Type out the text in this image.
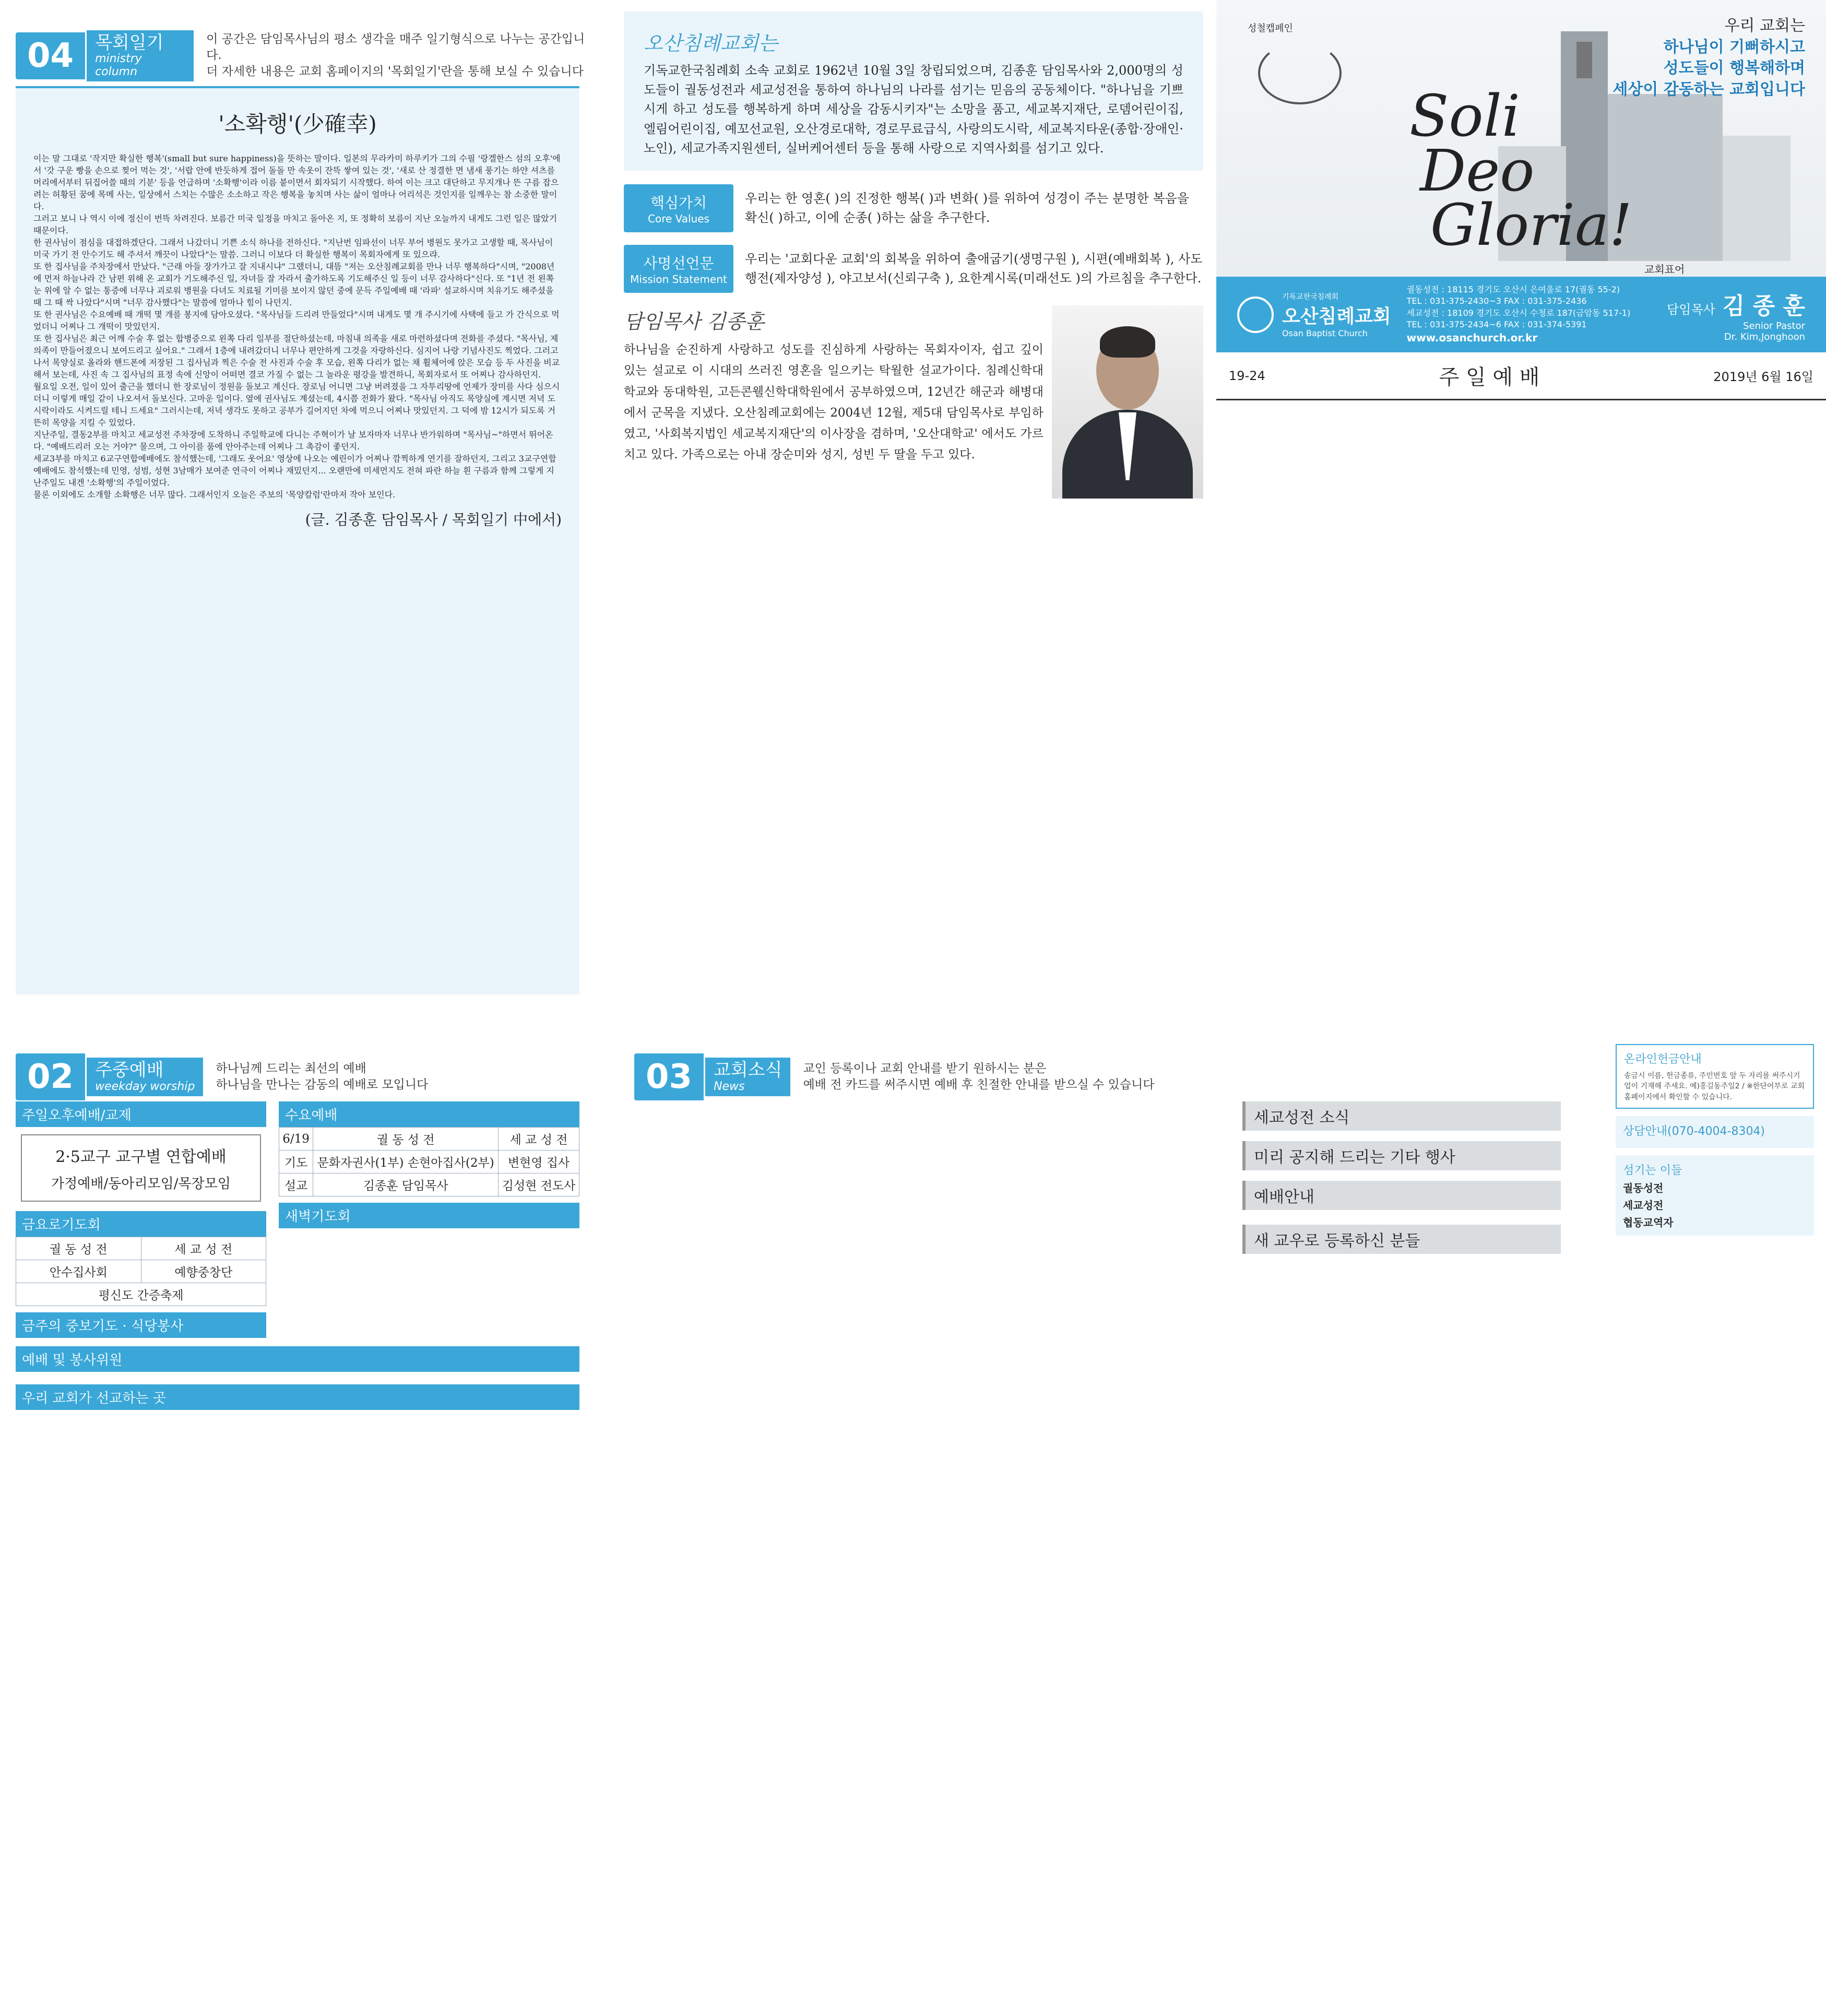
04	목회일기
ministry column
이 공간은 담임목사님의 평소 생각을 매주 일기형식으로 나누는 공간입니다.
더 자세한 내용은 교회 홈페이지의 '목회일기'란을 통해 보실 수 있습니다
'소확행'(少確幸)

이는 말 그대로 '작지만 확실한 행복'(small but sure happiness)을 뜻하는 말이다. 일본의 무라카미 하루키가 그의 수필 '랑겔한스 섬의 오후'에서 '갓 구운 빵을 손으로 찢어 먹는 것', '서랍 안에 반듯하게 접어 돌돌 만 속옷이 잔뜩 쌓여 있는 것', '새로 산 정결한 면 냄새 풍기는 하얀 셔츠를 머리에서부터 뒤집어쓸 때의 기분' 등을 언급하며 '소확행'이라 이름 붙이면서 회자되기 시작했다. 하여 이는 크고 대단하고 무지개나 뜬 구름 잡으려는 허황된 꿈에 목메 사는, 일상에서 스치는 수많은 소소하고 작은 행복을 놓치며 사는 삶이 얼마나 어리석은 것인지를 일깨우는 참 소중한 말이다.

그러고 보니 나 역시 이에 정신이 번뜩 차려진다. 보름간 미국 일정을 마치고 돌아온 지, 또 정확히 보름이 지난 오늘까지 내게도 그런 일은 많았기 때문이다.

한 권사님이 점심을 대접하겠단다. 그래서 나갔더니 기쁜 소식 하나를 전하신다. "지난번 임파선이 너무 부어 병원도 못가고 고생할 때, 목사님이 미국 가기 전 안수기도 해 주셔서 깨끗이 나았다"는 말씀. 그러니 이보다 더 확실한 행복이 목회자에게 또 있으랴.

또 한 집사님을 주차장에서 만났다. "근래 아들 장가가고 잘 지내시냐" 그랬더니, 대뜸 "저는 오산침례교회를 만나 너무 행복하다"시며, "2008년에 먼저 하늘나라 간 남편 위해 온 교회가 기도해주신 일, 자녀들 잘 자라서 출가하도록 기도해주신 일 등이 너무 감사하다"신다. 또 "1년 전 왼쪽 눈 위에 알 수 없는 통증에 너무나 괴로워 병원을 다녀도 치료될 기미를 보이지 않던 중에 문득 주일예배 때 '라파' 설교하시며 치유기도 해주셨을 때 그 때 싹 나았다"시며 "너무 감사했다"는 말씀에 얼마나 힘이 나던지.

또 한 권사님은 수요예배 때 개떡 몇 개를 봉지에 담아오셨다. "목사님들 드리려 만들었다"시며 내게도 몇 개 주시기에 사택에 들고 가 간식으로 먹었더니 어찌나 그 개떡이 맛있던지.

또 한 집사님은 최근 어깨 수술 후 없는 합병증으로 왼쪽 다리 일부를 절단하셨는데, 마침내 의족을 새로 마련하셨다며 전화를 주셨다. "목사님, 제 의족이 만들어졌으니 보여드리고 싶어요." 그래서 1층에 내려갔더니 너무나 편안하게 그것을 자랑하신다. 심지어 나랑 기념사진도 찍었다. 그러고 나서 목양실로 올라와 핸드폰에 저장된 그 집사님과 찍은 수술 전 사진과 수술 후 모습, 왼쪽 다리가 없는 채 휠체어에 앉은 모습 등 두 사진을 비교해서 보는데, 사진 속 그 집사님의 표정 속에 신앙이 어떠면 결코 가질 수 없는 그 놀라운 평강을 발견하니, 목회자로서 또 어찌나 감사하던지.

월요일 오전, 일이 있어 출근을 했더니 한 장로님이 정원을 돌보고 계신다. 장로님 어니면 그냥 버려졌을 그 자투리땅에 언제가 장미를 사다 심으시더니 이렇게 매일 같이 나오셔서 돌보신다. 고마운 일이다. 옆에 권사님도 계셨는데, 4시쯤 전화가 왔다. "목사님 아직도 목양실에 계시면 저녁 도시락이라도 시켜드릴 테니 드세요" 그러시는데, 저녁 생각도 못하고 공부가 길어지던 차에 먹으니 어찌나 맛있던지. 그 덕에 밤 12시가 되도록 거뜬히 목양을 지킬 수 있었다.

지난주일, 결동2부를 마치고 세교성전 주차장에 도착하니 주일학교에 다니는 주혁이가 날 보자마자 너무나 반가워하며 "목사님~"하면서 뛰어온다. "예배드리러 오는 거야?" 물으며, 그 아이를 품에 안아주는데 어찌나 그 촉감이 좋던지.

세교3부를 마치고 6교구연합예배에도 참석했는데, '그래도 웃어요' 영상에 나오는 예린이가 어찌나 깜찍하게 연기를 잘하던지, 그리고 3교구연합예배에도 참석했는데 민영, 성범, 성현 3남매가 보여준 연극이 어찌나 재밌던지... 오랜만에 미세먼지도 전혀 파란 하늘 흰 구름과 함께 그렇게 지난주일도 내겐 '소확행'의 주일이었다.

물론 이외에도 소개할 소확행은 너무 많다. 그래서인지 오늘은 주보의 '목양칼럼'란마저 작아 보인다.

(글. 김종훈 담임목사 / 목회일기 中에서)
오산침례교회는
기독교한국침례회 소속 교회로 1962년 10월 3일 창립되었으며, 김종훈 담임목사와 2,000명의 성도들이 궐동성전과 세교성전을 통하여 하나님의 나라를 섬기는 믿음의 공동체이다. "하나님을 기쁘시게 하고 성도를 행복하게 하며 세상을 감동시키자"는 소망을 품고, 세교복지재단, 로뎀어린이집, 엘림어린이집, 예꼬선교원, 오산경로대학, 경로무료급식, 사랑의도시락, 세교복지타운(종합·장애인·노인), 세교가족지원센터, 실버케어센터 등을 통해 사랑으로 지역사회를 섬기고 있다.
핵심가치
Core Values
우리는 한 영혼( )의 진정한 행복( )과 변화( )를 위하여 성경이 주는 분명한 복음을 확신( )하고, 이에 순종( )하는 삶을 추구한다.
사명선언문
Mission Statement
우리는 '교회다운 교회'의 회복을 위하여 출애굽기(생명구원 ), 시편(예배회복 ), 사도행전(제자양성 ), 야고보서(신뢰구축 ), 요한계시록(미래선도 )의 가르침을 추구한다.
담임목사 김종훈
하나님을 순진하게 사랑하고 성도를 진심하게 사랑하는 목회자이자, 쉽고 깊이 있는 설교로 이 시대의 쓰러진 영혼을 일으키는 탁월한 설교가이다. 침례신학대학교와 동대학원, 고든콘웰신학대학원에서 공부하였으며, 12년간 해군과 해병대에서 군목을 지냈다. 오산침례교회에는 2004년 12월, 제5대 담임목사로 부임하였고, '사회복지법인 세교복지재단'의 이사장을 겸하며, '오산대학교' 에서도 가르치고 있다. 가족으로는 아내 장순미와 성지, 성빈 두 딸을 두고 있다.
성철캡페인	우리 교회는
하나님이 기뻐하시고
성도들이 행복해하며
세상이 감동하는 교회입니다
Soli
Deo
Gloria!
교회표어
기독교한국침례회
오산침례교회
Osan Baptist Church
궐동성전 : 18115 경기도 오산시 은여울로 17(궐동 55-2)
TEL : 031-375-2430~3 FAX : 031-375-2436
세교성전 : 18109 경기도 오산시 수청로 187(금암동 517-1)
TEL : 031-375-2434~6 FAX : 031-374-5391
www.osanchurch.or.kr
담임목사 김 종 훈
Senior Pastor
Dr. Kim,Jonghoon
19-24	주 일 예 배	2019년 6월 16일
02	주중예배
weekday worship
하나님께 드리는 최선의 예배
하나님을 만나는 감동의 예배로 모입니다
주일오후예배/교제
2·5교구 교구별 연합예배
가정예배/동아리모임/목장모임
금요로기도회
궐 동 성 전	세 교 성 전
안수집사회	예향중창단
평신도 간증축제	
금주의 중보기도 · 식당봉사
수요예배
6/19	궐 동 성 전	세 교 성 전
기도	문화자권사(1부) 손현아집사(2부)	변현영 집사
설교	김종훈 담임목사	김성현 전도사
새벽기도회
예배 및 봉사위원
우리 교회가 선교하는 곳
03	교회소식
News
교인 등록이나 교회 안내를 받기 원하시는 분은
예배 전 카드를 써주시면 예배 후 친절한 안내를 받으실 수 있습니다
세교성전 소식
미리 공지해 드리는 기타 행사
예배안내
새 교우로 등록하신 분들
온라인헌금안내
송금시 이름, 헌금종류, 주민번호 앞 두 자리를 써주시기 업이 기재해 주세요. 예)홍길동주일2 / ※한단어부로 교회홈페이지에서 확인할 수 있습니다.
상담안내(070-4004-8304)
섬기는 이들
궐동성전
세교성전
협동교역자
